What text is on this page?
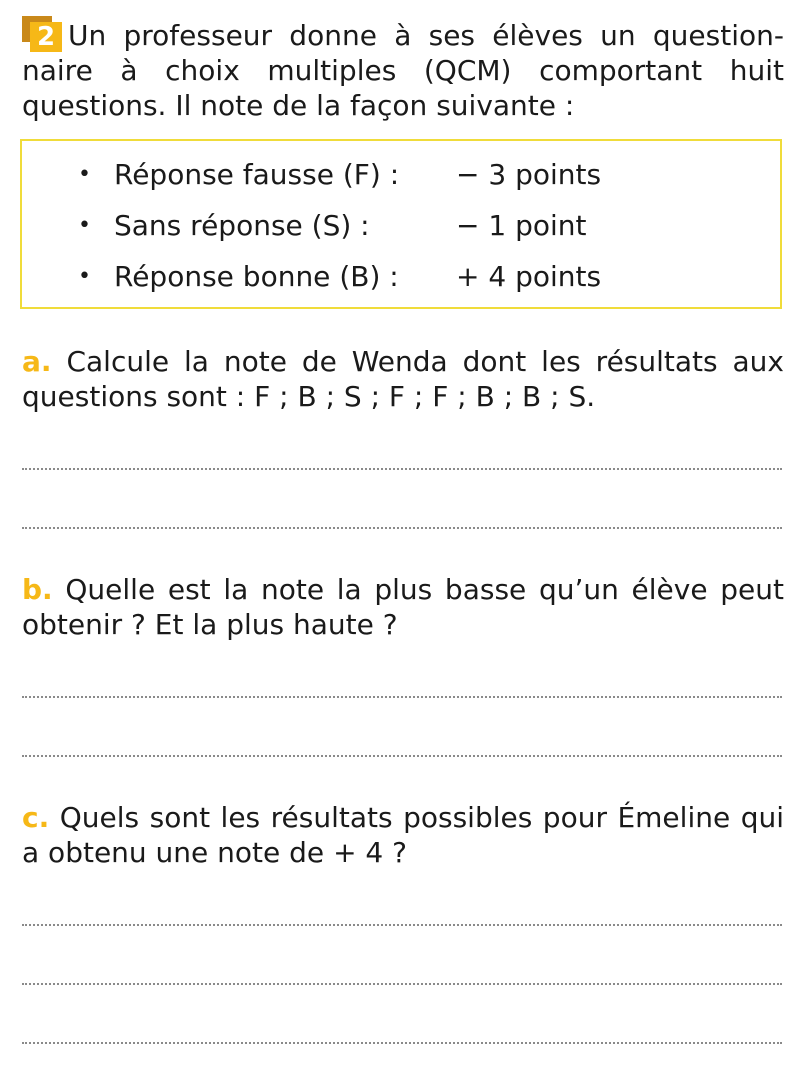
2 Un professeur donne à ses élèves un questionnaire à choix multiples (QCM) comportant huit questions. Il note de la façon suivante :
• Réponse fausse (F) : − 3 points
• Sans réponse (S) :	− 1 point
• Réponse bonne (B) : + 4 points
a. Calcule la note de Wenda dont les résultats aux questions sont : F ; B ; S ; F ; F ; B ; B ; S.
b. Quelle est la note la plus basse qu’un élève peut obtenir ? Et la plus haute ?
c. Quels sont les résultats possibles pour Émeline qui a obtenu une note de + 4 ?
